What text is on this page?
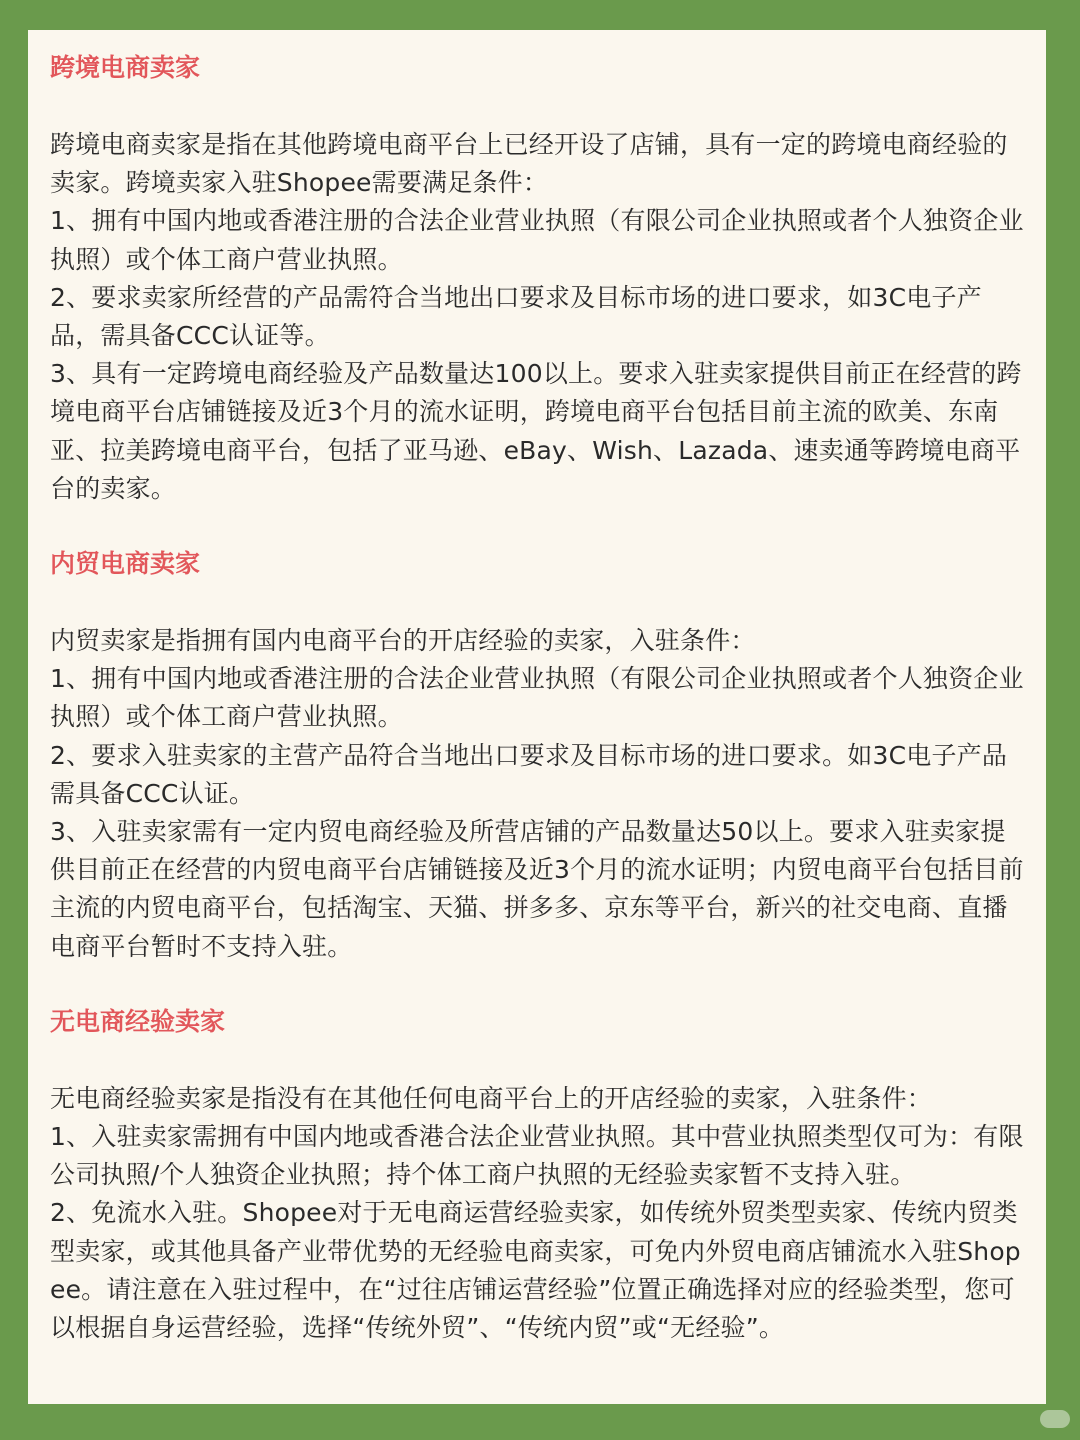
跨境电商卖家

跨境电商卖家是指在其他跨境电商平台上已经开设了店铺，具有一定的跨境电商经验的卖家。跨境卖家入驻Shopee需要满足条件：

1、拥有中国内地或香港注册的合法企业营业执照（有限公司企业执照或者个人独资企业执照）或个体工商户营业执照。

2、要求卖家所经营的产品需符合当地出口要求及目标市场的进口要求，如3C电子产品，需具备CCC认证等。

3、具有一定跨境电商经验及产品数量达100以上。要求入驻卖家提供目前正在经营的跨境电商平台店铺链接及近3个月的流水证明，跨境电商平台包括目前主流的欧美、东南亚、拉美跨境电商平台，包括了亚马逊、eBay、Wish、Lazada、速卖通等跨境电商平台的卖家。

内贸电商卖家

内贸卖家是指拥有国内电商平台的开店经验的卖家，入驻条件：

1、拥有中国内地或香港注册的合法企业营业执照（有限公司企业执照或者个人独资企业执照）或个体工商户营业执照。

2、要求入驻卖家的主营产品符合当地出口要求及目标市场的进口要求。如3C电子产品需具备CCC认证。

3、入驻卖家需有一定内贸电商经验及所营店铺的产品数量达50以上。要求入驻卖家提供目前正在经营的内贸电商平台店铺链接及近3个月的流水证明；内贸电商平台包括目前主流的内贸电商平台，包括淘宝、天猫、拼多多、京东等平台，新兴的社交电商、直播电商平台暂时不支持入驻。

无电商经验卖家

无电商经验卖家是指没有在其他任何电商平台上的开店经验的卖家，入驻条件：

1、入驻卖家需拥有中国内地或香港合法企业营业执照。其中营业执照类型仅可为：有限公司执照/个人独资企业执照；持个体工商户执照的无经验卖家暂不支持入驻。

2、免流水入驻。Shopee对于无电商运营经验卖家，如传统外贸类型卖家、传统内贸类型卖家，或其他具备产业带优势的无经验电商卖家，可免内外贸电商店铺流水入驻Shopee。请注意在入驻过程中，在“过往店铺运营经验”位置正确选择对应的经验类型，您可以根据自身运营经验，选择“传统外贸”、“传统内贸”或“无经验”。
